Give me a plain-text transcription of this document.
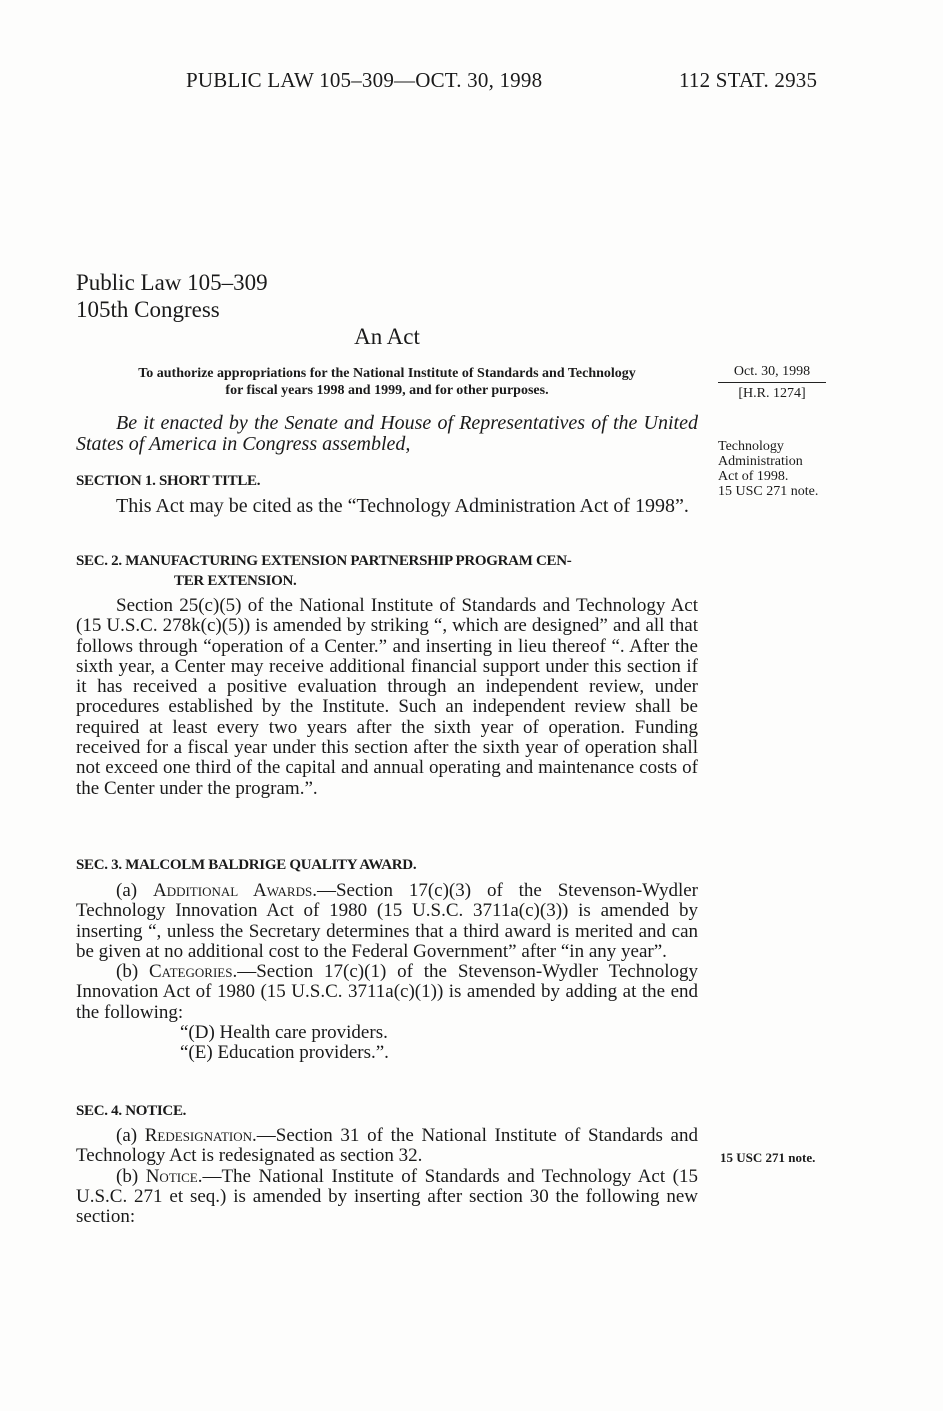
PUBLIC LAW 105–309—OCT. 30, 1998	112 STAT. 2935
Public Law 105–309
105th Congress
An Act
To authorize appropriations for the National Institute of Standards and Technology
for fiscal years 1998 and 1999, and for other purposes.
Oct. 30, 1998
[H.R. 1274]

Be it enacted by the Senate and House of Representatives of the United States of America in Congress assembled,	Technology
Administration
Act of 1998.
15 USC 271 note.
SECTION 1. SHORT TITLE.

This Act may be cited as the “Technology Administration Act of 1998”.

SEC. 2. MANUFACTURING EXTENSION PARTNERSHIP PROGRAM CEN-
TER EXTENSION.

Section 25(c)(5) of the National Institute of Standards and Technology Act (15 U.S.C. 278k(c)(5)) is amended by striking “, which are designed” and all that follows through “operation of a Center.” and inserting in lieu thereof “. After the sixth year, a Center may receive additional financial support under this section if it has received a positive evaluation through an independent review, under procedures established by the Institute. Such an independent review shall be required at least every two years after the sixth year of operation. Funding received for a fiscal year under this section after the sixth year of operation shall not exceed one third of the capital and annual operating and maintenance costs of the Center under the program.”.

SEC. 3. MALCOLM BALDRIGE QUALITY AWARD.

(a) Additional Awards.—Section 17(c)(3) of the Stevenson-Wydler Technology Innovation Act of 1980 (15 U.S.C. 3711a(c)(3)) is amended by inserting “, unless the Secretary determines that a third award is merited and can be given at no additional cost to the Federal Government” after “in any year”.

(b) Categories.—Section 17(c)(1) of the Stevenson-Wydler Technology Innovation Act of 1980 (15 U.S.C. 3711a(c)(1)) is amended by adding at the end the following:

“(D) Health care providers.

“(E) Education providers.”.

SEC. 4. NOTICE.

(a) Redesignation.—Section 31 of the National Institute of Standards and Technology Act is redesignated as section 32.

(b) Notice.—The National Institute of Standards and Technology Act (15 U.S.C. 271 et seq.) is amended by inserting after section 30 the following new section:

15 USC 271 note.
